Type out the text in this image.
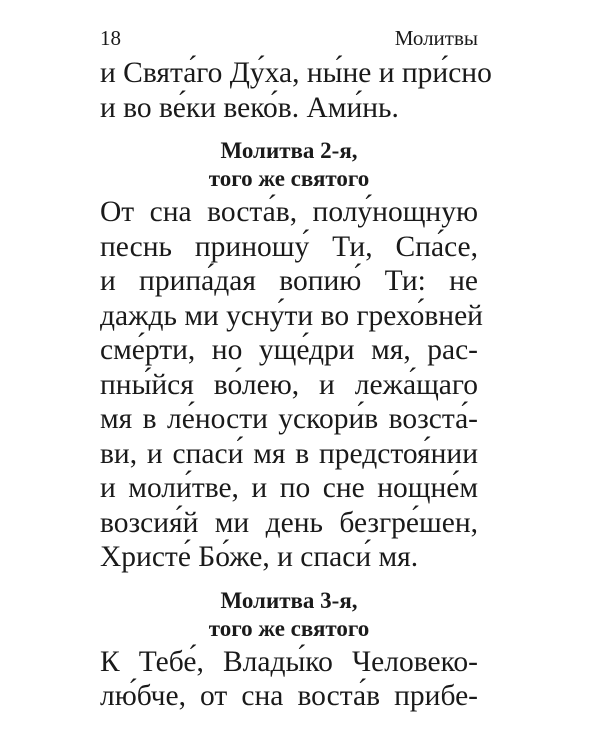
18	Молитвы
и Свята́го Ду́ха, ны́не и при́сно
и во ве́ки веко́в. Ами́нь.
Молитва 2-я,
того же святого
От сна воста́в, полу́нощную
песнь приношу́ Ти, Спа́се,
и припа́дая вопию́ Ти: не
даждь ми усну́ти во грехо́вней
сме́рти, но уще́дри мя, рас-
пны́йся во́лею, и лежа́щаго
мя в ле́ности ускори́в возста́-
ви, и спаси́ мя в предстоя́нии
и моли́тве, и по сне нощне́м
возсия́й ми день безгре́шен,
Христе́ Бо́же, и спаси́ мя.
Молитва 3-я,
того же святого
К Тебе́, Влады́ко Человеко-
лю́бче, от сна воста́в прибе-
